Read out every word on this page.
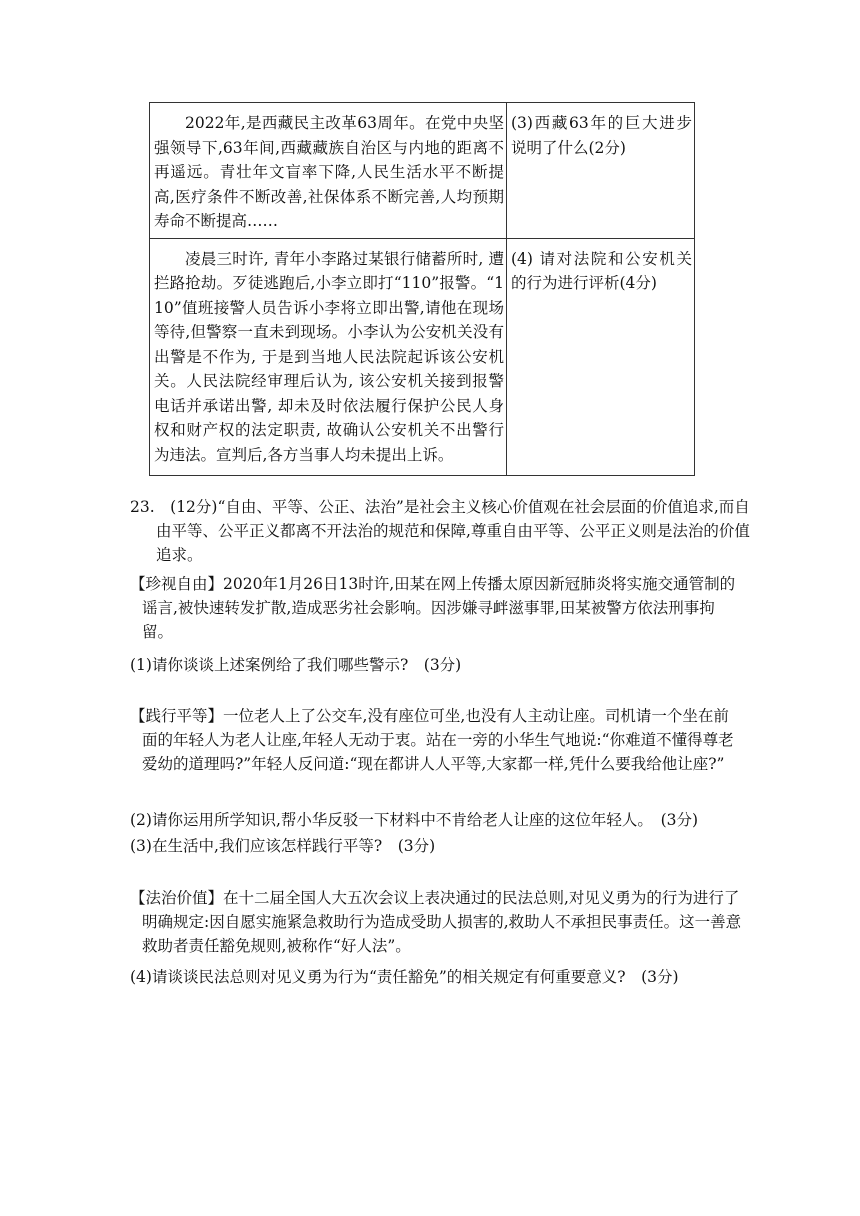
2022年,是西藏民主改革63周年。在党中央坚强领导下,63年间,西藏藏族自治区与内地的距离不再遥远。青壮年文盲率下降,人民生活水平不断提高,医疗条件不断改善,社保体系不断完善,人均预期寿命不断提高……	(3)西藏63年的巨大进步说明了什么(2分)

凌晨三时许, 青年小李路过某银行储蓄所时, 遭拦路抢劫。歹徒逃跑后,小李立即打“110”报警。“110”值班接警人员告诉小李将立即出警,请他在现场等待,但警察一直未到现场。小李认为公安机关没有出警是不作为, 于是到当地人民法院起诉该公安机关。人民法院经审理后认为, 该公安机关接到报警电话并承诺出警, 却未及时依法履行保护公民人身权和财产权的法定职责, 故确认公安机关不出警行为违法。宣判后,各方当事人均未提出上诉。	(4) 请对法院和公安机关的行为进行评析(4分)
23.　(12分)“自由、平等、公正、法治”是社会主义核心价值观在社会层面的价值追求,而自由平等、公平正义都离不开法治的规范和保障,尊重自由平等、公平正义则是法治的价值追求。
【珍视自由】2020年1月26日13时许,田某在网上传播太原因新冠肺炎将实施交通管制的谣言,被快速转发扩散,造成恶劣社会影响。因涉嫌寻衅滋事罪,田某被警方依法刑事拘留。
(1)请你谈谈上述案例给了我们哪些警示?　(3分)
【践行平等】一位老人上了公交车,没有座位可坐,也没有人主动让座。司机请一个坐在前面的年轻人为老人让座,年轻人无动于衷。站在一旁的小华生气地说:“你难道不懂得尊老爱幼的道理吗?”年轻人反问道:“现在都讲人人平等,大家都一样,凭什么要我给他让座?”
(2)请你运用所学知识,帮小华反驳一下材料中不肯给老人让座的这位年轻人。　(3分)
(3)在生活中,我们应该怎样践行平等?　(3分)
【法治价值】在十二届全国人大五次会议上表决通过的民法总则,对见义勇为的行为进行了明确规定:因自愿实施紧急救助行为造成受助人损害的,救助人不承担民事责任。这一善意救助者责任豁免规则,被称作“好人法”。
(4)请谈谈民法总则对见义勇为行为“责任豁免”的相关规定有何重要意义?　(3分)
